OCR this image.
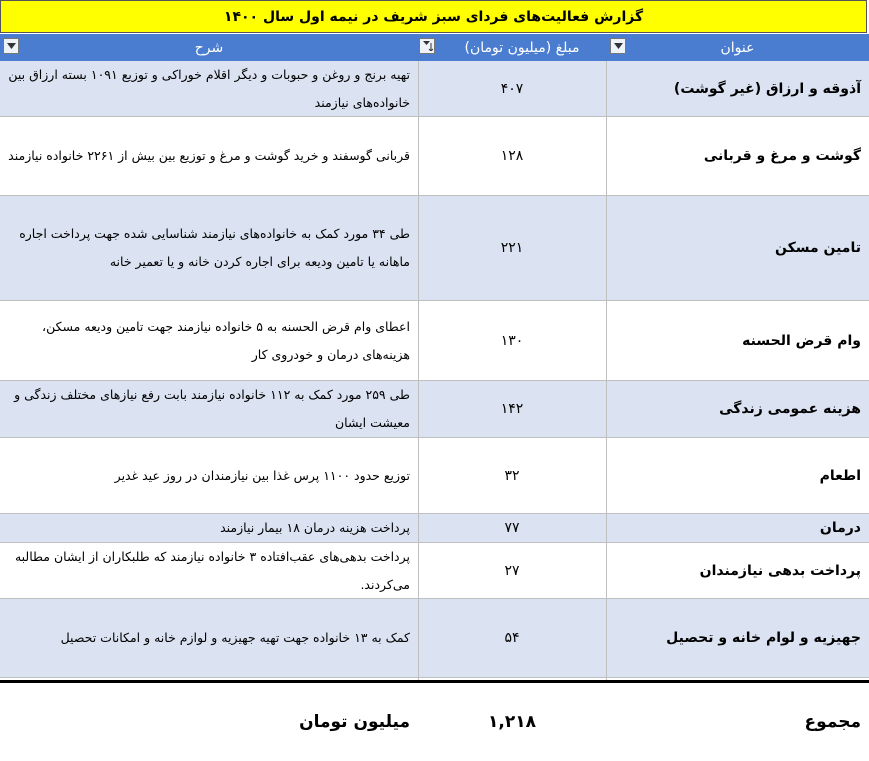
گزارش فعالیت‌های فردای سبز شریف در نیمه اول سال ۱۴۰۰
عنوان
مبلغ (میلیون تومان)
شرح
آذوقه و ارزاق (غیر گوشت)
۴۰۷
تهیه برنج و روغن و حبوبات و دیگر اقلام خوراکی و توزیع ۱۰۹۱ بسته ارزاق بین خانواده‌های نیازمند
گوشت و مرغ و قربانی
۱۲۸
قربانی گوسفند و خرید گوشت و مرغ و توزیع بین بیش از ۲۲۶۱ خانواده نیازمند
تامین مسکن
۲۲۱
طی ۳۴ مورد کمک به خانواده‌های نیازمند شناسایی شده جهت پرداخت اجاره ماهانه یا تامین ودیعه برای اجاره کردن خانه و یا تعمیر خانه
وام قرض الحسنه
۱۳۰
اعطای وام قرض الحسنه به ۵ خانواده نیازمند جهت تامین ودیعه مسکن، هزینه‌های درمان و خودروی کار
هزینه عمومی زندگی
۱۴۲
طی ۲۵۹ مورد کمک به ۱۱۲ خانواده نیازمند بابت رفع نیازهای مختلف زندگی و معیشت ایشان
اطعام
۳۲
توزیع حدود ۱۱۰۰ پرس غذا بین نیازمندان در روز عید غدیر
درمان
۷۷
پرداخت هزینه درمان ۱۸ بیمار نیازمند
پرداخت بدهی نیازمندان
۲۷
پرداخت بدهی‌های عقب‌افتاده ۳ خانواده نیازمند که طلبکاران از ایشان مطالبه می‌کردند.
جهیزیه و لوام خانه و تحصیل
۵۴
کمک به ۱۳ خانواده جهت تهیه جهیزیه و لوازم خانه و امکانات تحصیل
مجموع
۱,۲۱۸
میلیون تومان
